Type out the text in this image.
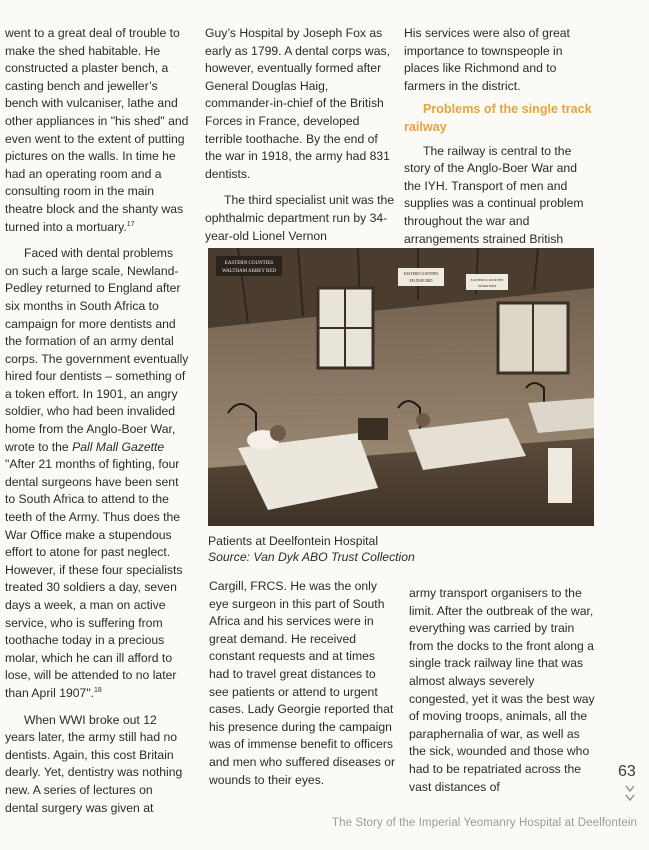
went to a great deal of trouble to make the shed habitable. He constructed a plaster bench, a casting bench and jeweller’s bench with vulcaniser, lathe and other appliances in "his shed" and even went to the extent of putting pictures on the walls. In time he had an operating room and a consulting room in the main theatre block and the shanty was turned into a mortuary.$^{17}$

Faced with dental problems on such a large scale, Newland-Pedley returned to England after six months in South Africa to campaign for more dentists and the formation of an army dental corps. The government eventually hired four dentists – something of a token effort. In 1901, an angry soldier, who had been invalided home from the Anglo-Boer War, wrote to the Pall Mall Gazette "After 21 months of fighting, four dental surgeons have been sent to South Africa to attend to the teeth of the Army. Thus does the War Office make a stupendous effort to atone for past neglect. However, if these four specialists treated 30 soldiers a day, seven days a week, a man on active service, who is suffering from toothache today in a precious molar, which he can ill afford to lose, will be attended to no later than April 1907".$^{18}$

When WWI broke out 12 years later, the army still had no dentists. Again, this cost Britain dearly. Yet, dentistry was nothing new. A series of lectures on dental surgery was given at

Guy’s Hospital by Joseph Fox as early as 1799. A dental corps was, however, eventually formed after General Douglas Haig, commander-in-chief of the British Forces in France, developed terrible toothache. By the end of the war in 1918, the army had 831 dentists.

The third specialist unit was the ophthalmic department run by 34-year-old Lionel Vernon

His services were also of great importance to townspeople in places like Richmond and to farmers in the district.

Problems of the single track railway

The railway is central to the story of the Anglo-Boer War and the IYH. Transport of men and supplies was a continual problem throughout the war and arrangements strained British

EASTERN COUNTIES
WALTHAM ABBEY BED	EASTERN COUNTIES
FELIXOE BED	EASTERN COUNTIES
STORT BED
Patients at Deelfontein Hospital
Source: Van Dyk ABO Trust Collection

Cargill, FRCS. He was the only eye surgeon in this part of South Africa and his services were in great demand. He received constant requests and at times had to travel great distances to see patients or attend to urgent cases. Lady Georgie reported that his presence during the campaign was of immense benefit to officers and men who suffered diseases or wounds to their eyes.

army transport organisers to the limit. After the outbreak of the war, everything was carried by train from the docks to the front along a single track railway line that was almost always severely congested, yet it was the best way of moving troops, animals, all the paraphernalia of war, as well as the sick, wounded and those who had to be repatriated across the vast distances of

63
The Story of the Imperial Yeomanry Hospital at Deelfontein
